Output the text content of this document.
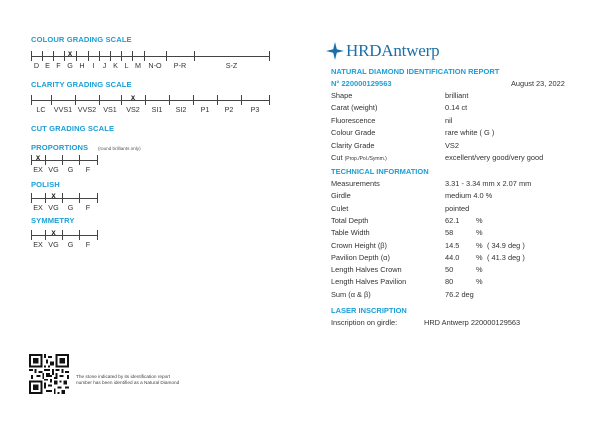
COLOUR GRADING SCALE
D E F G
x
H I J K L M N-O P-R	S-Z
CLARITY GRADING SCALE
LC VVS1 VVS2 VS1 VS2
x
SI1 SI2 P1 P2 P3
CUT GRADING SCALE
PROPORTIONS (round brilliants only)
EX
x
VG G F
POLISH
EX VG
x
G F
SYMMETRY
EX VG
x
G F
HRDAntwerp
NATURAL DIAMOND IDENTIFICATION REPORT
N° 220000129563	August 23, 2022
Shape	brilliant
Carat (weight)	0.14 ct
Fluorescence	nil
Colour Grade	rare white ( G )
Clarity Grade	VS2
Cut (Prop./Pol./Symm.)	excellent/very good/very good
TECHNICAL INFORMATION
Measurements	3.31 - 3.34 mm x 2.07 mm
Girdle	medium 4.0 %
Culet	pointed
Total Depth	62.1 %
Table Width	58	%
Crown Height (β)	14.5 % ( 34.9 deg )
Pavilion Depth (α)	44.0 % ( 41.3 deg )
Length Halves Crown	50	%
Length Halves Pavilion	80	%
Sum (α & β)	76.2 deg
LASER INSCRIPTION
Inscription on girdle:	HRD Antwerp 220000129563
The stone indicated by its identification report
number has been identified as a Natural Diamond
